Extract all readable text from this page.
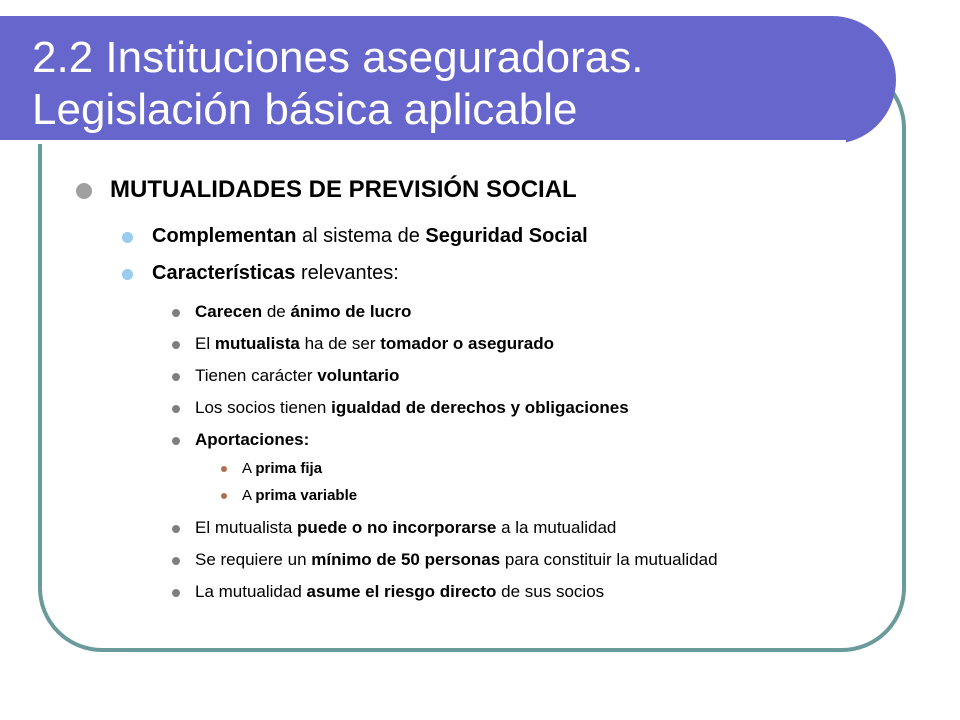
2.2 Instituciones aseguradoras.
Legislación básica aplicable
MUTUALIDADES DE PREVISIÓN SOCIAL
Complementan al sistema de Seguridad Social
Características relevantes:
Carecen de ánimo de lucro
El mutualista ha de ser tomador o asegurado
Tienen carácter voluntario
Los socios tienen igualdad de derechos y obligaciones
Aportaciones:
A prima fija
A prima variable
El mutualista puede o no incorporarse a la mutualidad
Se requiere un mínimo de 50 personas para constituir la mutualidad
La mutualidad asume el riesgo directo de sus socios
